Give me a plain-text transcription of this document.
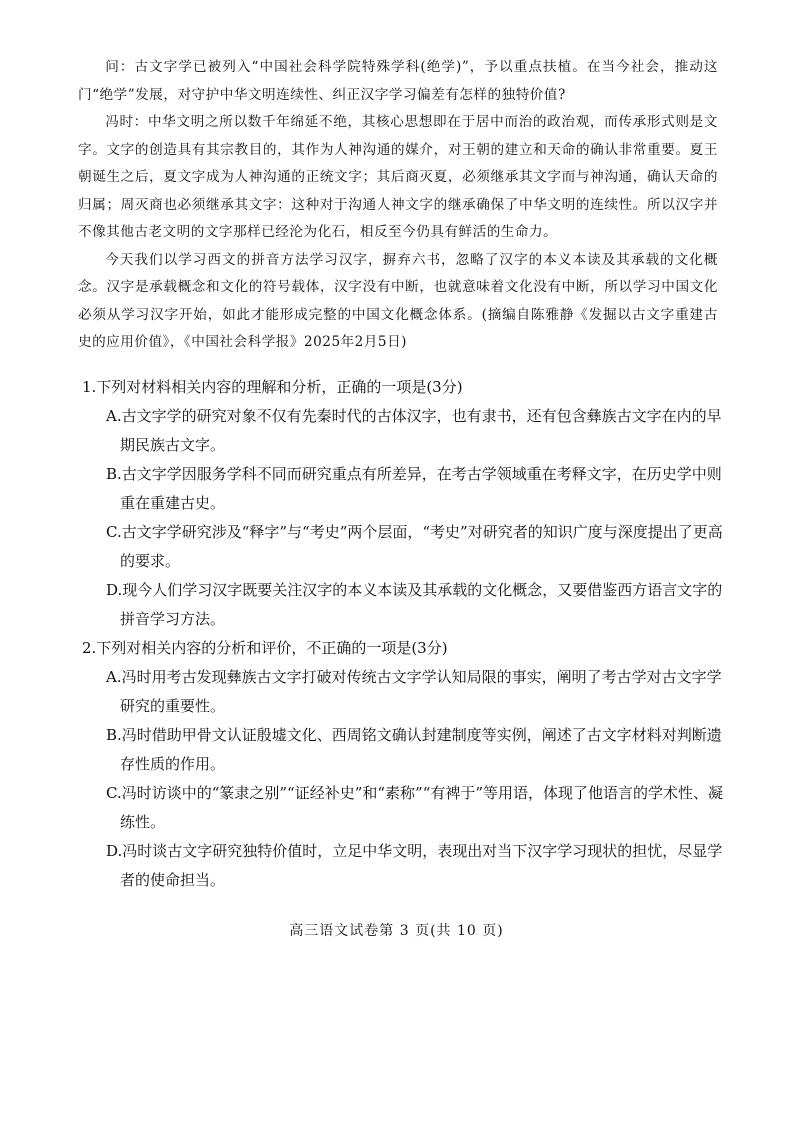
问：古文字学已被列入“中国社会科学院特殊学科(绝学)”，予以重点扶植。在当今社会，推动这门“绝学”发展，对守护中华文明连续性、纠正汉字学习偏差有怎样的独特价值?

冯时：中华文明之所以数千年绵延不绝，其核心思想即在于居中而治的政治观，而传承形式则是文字。文字的创造具有其宗教目的，其作为人神沟通的媒介，对王朝的建立和天命的确认非常重要。夏王朝诞生之后，夏文字成为人神沟通的正统文字；其后商灭夏，必须继承其文字而与神沟通，确认天命的归属；周灭商也必须继承其文字：这种对于沟通人神文字的继承确保了中华文明的连续性。所以汉字并不像其他古老文明的文字那样已经沦为化石，相反至今仍具有鲜活的生命力。

今天我们以学习西文的拼音方法学习汉字，摒弃六书，忽略了汉字的本义本读及其承载的文化概念。汉字是承载概念和文化的符号载体，汉字没有中断，也就意味着文化没有中断，所以学习中国文化必须从学习汉字开始，如此才能形成完整的中国文化概念体系。(摘编自陈雅静《发掘以古文字重建古史的应用价值》，《中国社会科学报》2025年2月5日)

1.下列对材料相关内容的理解和分析，正确的一项是(3分)

A.古文字学的研究对象不仅有先秦时代的古体汉字，也有隶书，还有包含彝族古文字在内的早期民族古文字。

B.古文字学因服务学科不同而研究重点有所差异，在考古学领域重在考释文字，在历史学中则重在重建古史。

C.古文字学研究涉及“释字”与“考史”两个层面，“考史”对研究者的知识广度与深度提出了更高的要求。

D.现今人们学习汉字既要关注汉字的本义本读及其承载的文化概念，又要借鉴西方语言文字的拼音学习方法。

2.下列对相关内容的分析和评价，不正确的一项是(3分)

A.冯时用考古发现彝族古文字打破对传统古文字学认知局限的事实，阐明了考古学对古文字学研究的重要性。

B.冯时借助甲骨文认证殷墟文化、西周铭文确认封建制度等实例，阐述了古文字材料对判断遗存性质的作用。

C.冯时访谈中的“篆隶之别”“证经补史”和“素称”“有裨于”等用语，体现了他语言的学术性、凝练性。

D.冯时谈古文字研究独特价值时，立足中华文明，表现出对当下汉字学习现状的担忧，尽显学者的使命担当。

高三语文试卷第 3 页(共 10 页)
